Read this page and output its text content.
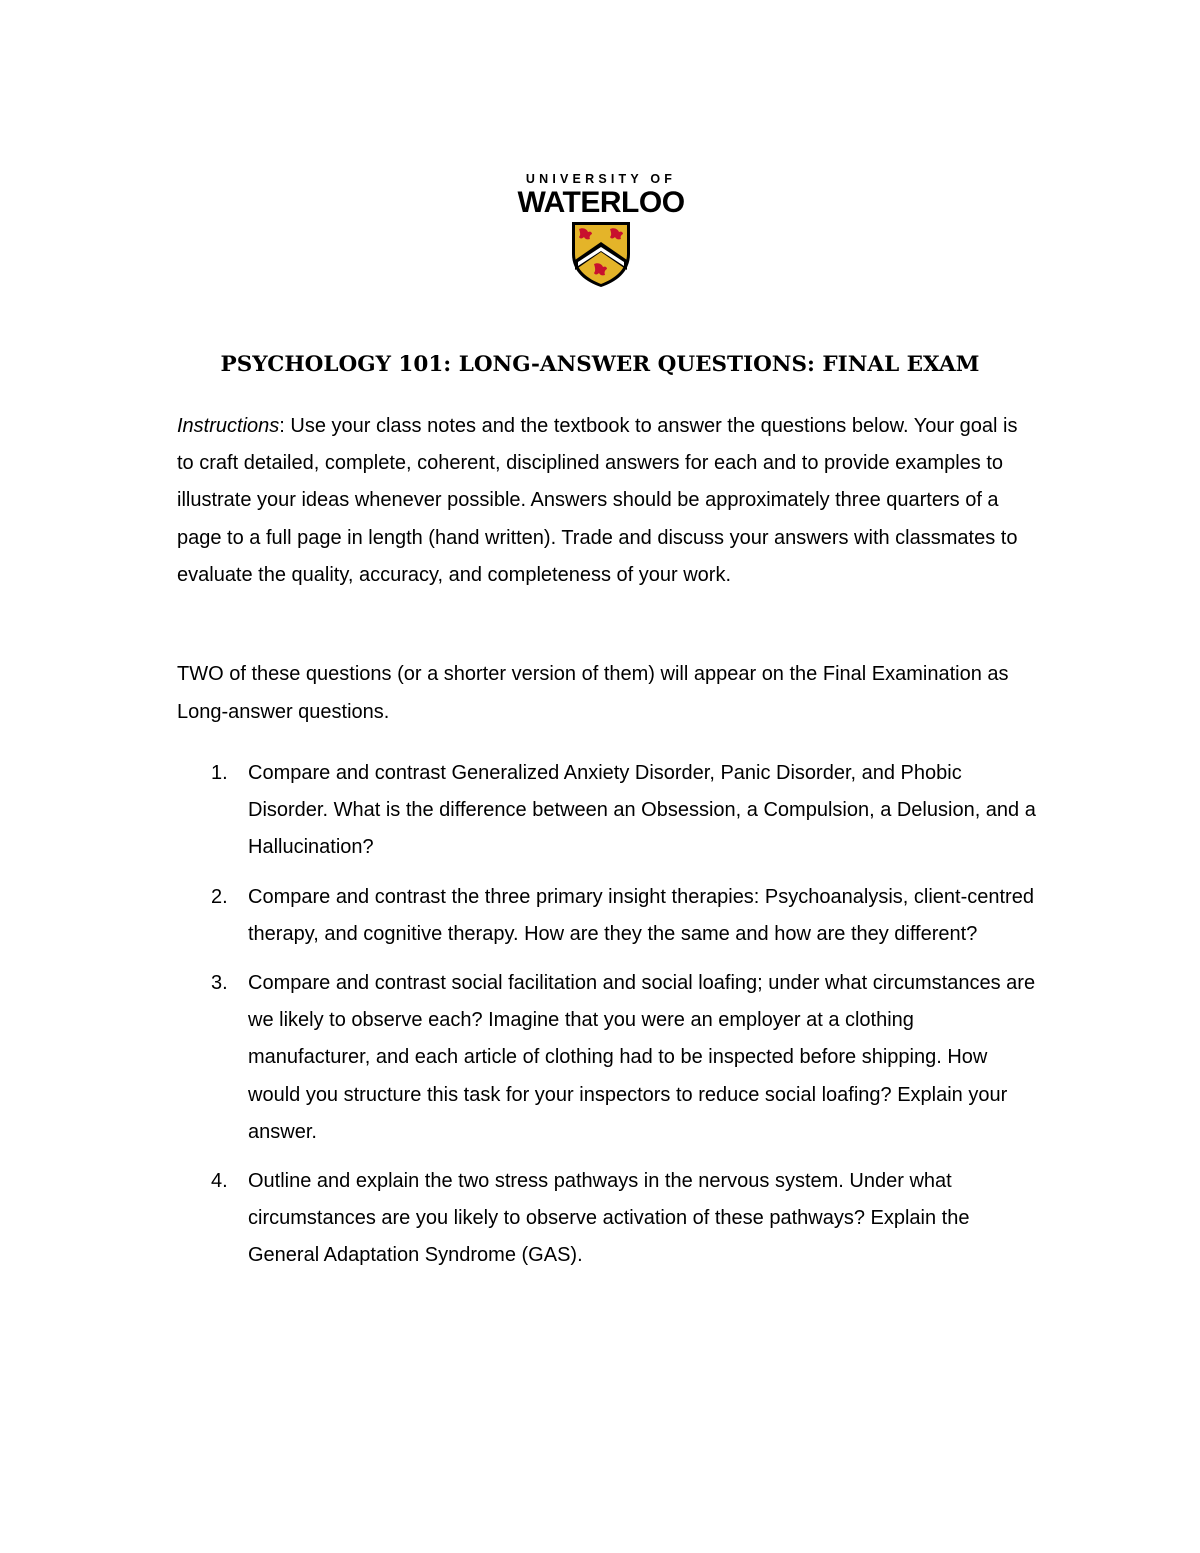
UNIVERSITY OF
WATERLOO
PSYCHOLOGY 101: LONG-ANSWER QUESTIONS: FINAL EXAM
Instructions: Use your class notes and the textbook to answer the questions below. Your goal is to craft detailed, complete, coherent, disciplined answers for each and to provide examples to illustrate your ideas whenever possible. Answers should be approximately three quarters of a page to a full page in length (hand written). Trade and discuss your answers with classmates to evaluate the quality, accuracy, and completeness of your work.
TWO of these questions (or a shorter version of them) will appear on the Final Examination as Long-answer questions.
1. Compare and contrast Generalized Anxiety Disorder, Panic Disorder, and Phobic Disorder. What is the difference between an Obsession, a Compulsion, a Delusion, and a Hallucination?
2. Compare and contrast the three primary insight therapies: Psychoanalysis, client-centred therapy, and cognitive therapy. How are they the same and how are they different?
3. Compare and contrast social facilitation and social loafing; under what circumstances are we likely to observe each? Imagine that you were an employer at a clothing manufacturer, and each article of clothing had to be inspected before shipping. How would you structure this task for your inspectors to reduce social loafing? Explain your answer.
4. Outline and explain the two stress pathways in the nervous system. Under what circumstances are you likely to observe activation of these pathways? Explain the General Adaptation Syndrome (GAS).
